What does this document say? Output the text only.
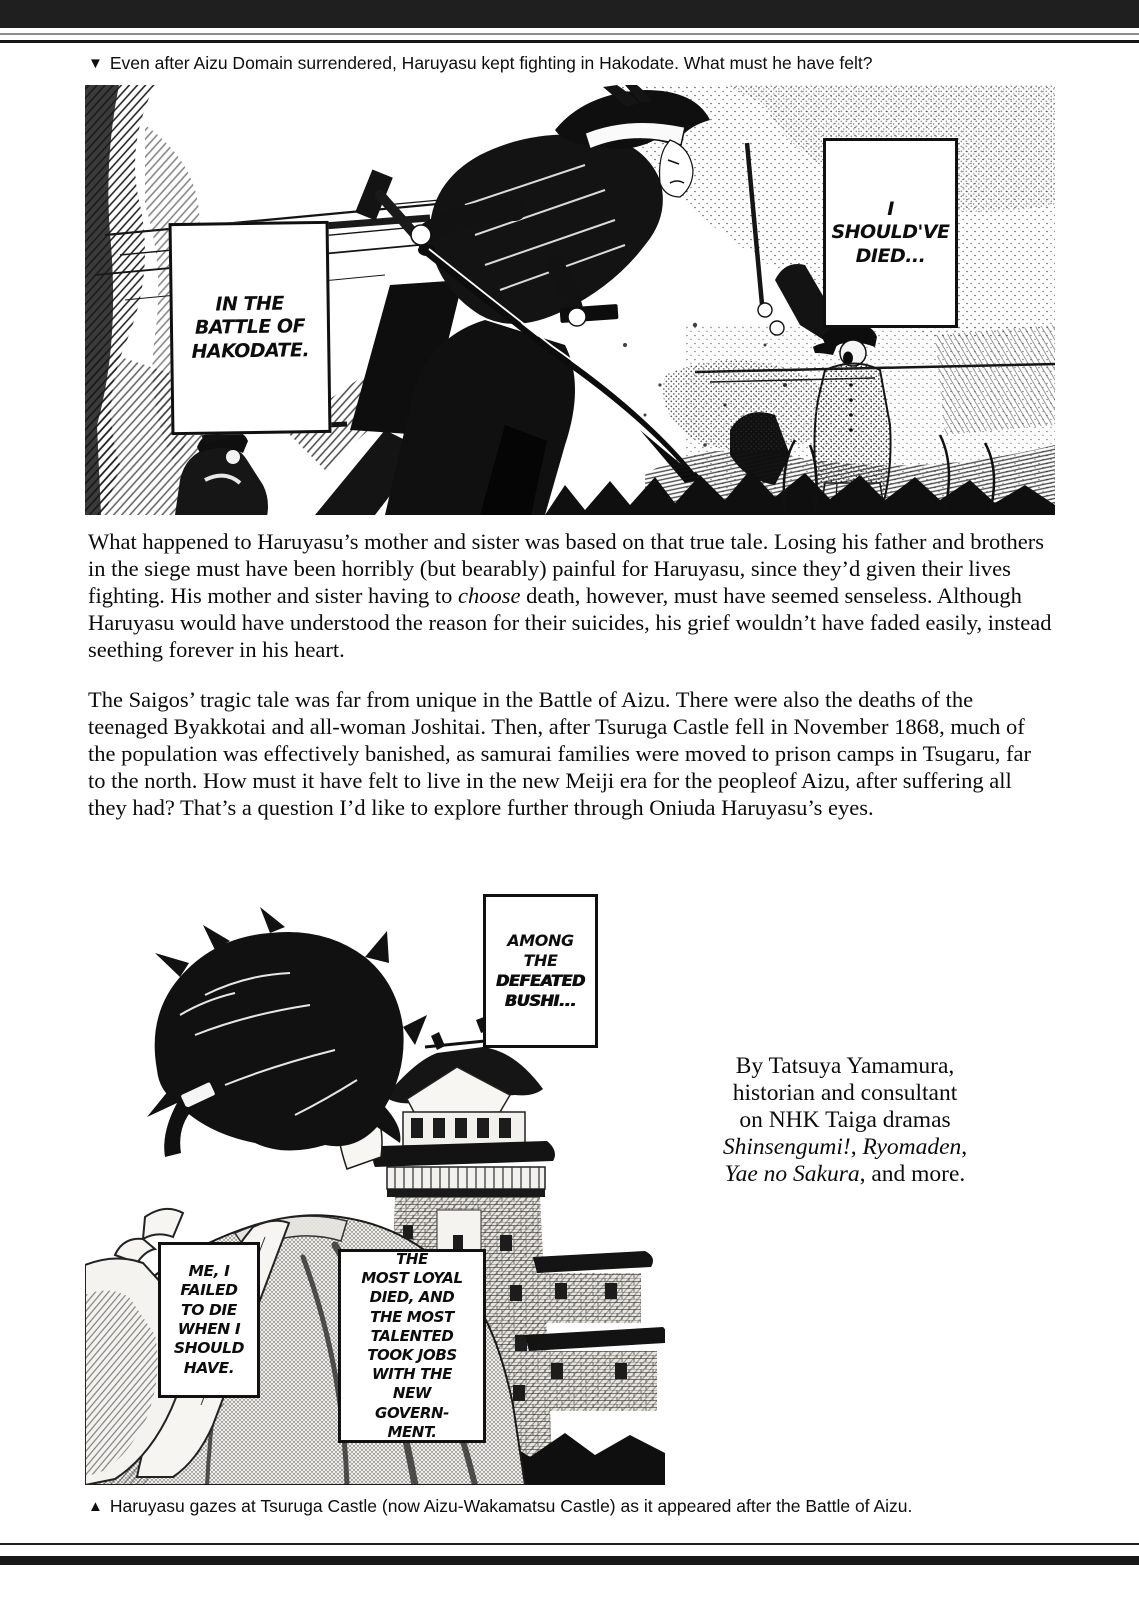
▼ Even after Aizu Domain surrendered, Haruyasu kept fighting in Hakodate. What must he have felt?
IN THE
BATTLE OF
HAKODATE.
I
SHOULD'VE
DIED...
What happened to Haruyasu’s mother and sister was based on that true tale. Losing his father and brothers in the siege must have been horribly (but bearably) painful for Haruyasu, since they’d given their lives fighting. His mother and sister having to choose death, however, must have seemed senseless. Although Haruyasu would have understood the reason for their suicides, his grief wouldn’t have faded easily, instead seething forever in his heart.
The Saigos’ tragic tale was far from unique in the Battle of Aizu. There were also the deaths of the teenaged Byakkotai and all-woman Joshitai. Then, after Tsuruga Castle fell in November 1868, much of the population was effectively banished, as samurai families were moved to prison camps in Tsugaru, far to the north. How must it have felt to live in the new Meiji era for the peopleof Aizu, after suffering all they had? That’s a question I’d like to explore further through Oniuda Haruyasu’s eyes.
AMONG
THE
DEFEATED
BUSHI...
ME, I
FAILED
TO DIE
WHEN I
SHOULD
HAVE.
THE
MOST LOYAL
DIED, AND
THE MOST
TALENTED
TOOK JOBS
WITH THE
NEW
GOVERN-
MENT.
By Tatsuya Yamamura,
historian and consultant
on NHK Taiga dramas
Shinsengumi!, Ryomaden,
Yae no Sakura, and more.
▲ Haruyasu gazes at Tsuruga Castle (now Aizu-Wakamatsu Castle) as it appeared after the Battle of Aizu.
